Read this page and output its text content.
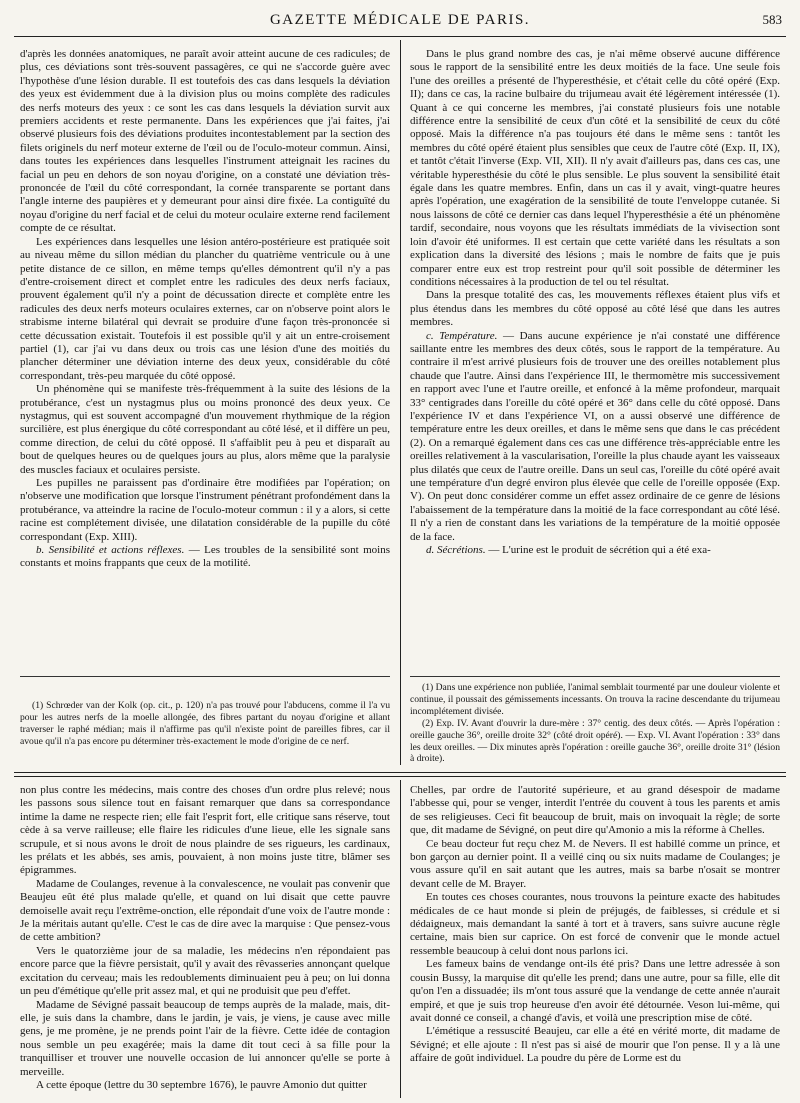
GAZETTE MÉDICALE DE PARIS.	583

d'après les données anatomiques, ne paraît avoir atteint aucune de ces radicules; de plus, ces déviations sont très-souvent passagères, ce qui ne s'accorde guère avec l'hypothèse d'une lésion durable. Il est toutefois des cas dans lesquels la déviation des yeux est évidemment due à la division plus ou moins complète des radicules des nerfs moteurs des yeux : ce sont les cas dans lesquels la déviation survit aux premiers accidents et reste permanente. Dans les expériences que j'ai faites, j'ai observé plusieurs fois des déviations produites incontestablement par la section des filets originels du nerf moteur externe de l'œil ou de l'oculo-moteur commun. Ainsi, dans toutes les expériences dans lesquelles l'instrument atteignait les racines du facial un peu en dehors de son noyau d'origine, on a constaté une déviation très-prononcée de l'œil du côté correspondant, la cornée transparente se portant dans l'angle interne des paupières et y demeurant pour ainsi dire fixée. La contiguïté du noyau d'origine du nerf facial et de celui du moteur oculaire externe rend facilement compte de ce résultat.

Les expériences dans lesquelles une lésion antéro-postérieure est pratiquée soit au niveau même du sillon médian du plancher du quatrième ventricule ou à une petite distance de ce sillon, en même temps qu'elles démontrent qu'il n'y a pas d'entre-croisement direct et complet entre les radicules des deux nerfs faciaux, prouvent également qu'il n'y a point de décussation directe et complète entre les radicules des deux nerfs moteurs oculaires externes, car on n'observe point alors le strabisme interne bilatéral qui devrait se produire d'une façon très-prononcée si cette décussation existait. Toutefois il est possible qu'il y ait un entre-croisement partiel (1), car j'ai vu dans deux ou trois cas une lésion d'une des moitiés du plancher déterminer une déviation interne des deux yeux, considérable du côté correspondant, très-peu marquée du côté opposé.

Un phénomène qui se manifeste très-fréquemment à la suite des lésions de la protubérance, c'est un nystagmus plus ou moins prononcé des deux yeux. Ce nystagmus, qui est souvent accompagné d'un mouvement rhythmique de la région surcilière, est plus énergique du côté correspondant au côté lésé, et il diffère un peu, comme direction, de celui du côté opposé. Il s'affaiblit peu à peu et disparaît au bout de quelques heures ou de quelques jours au plus, alors même que la paralysie des muscles faciaux et oculaires persiste.

Les pupilles ne paraissent pas d'ordinaire être modifiées par l'opération; on n'observe une modification que lorsque l'instrument pénétrant profondément dans la protubérance, va atteindre la racine de l'oculo-moteur commun : il y a alors, si cette racine est complétement divisée, une dilatation considérable de la pupille du côté correspondant (Exp. XIII).

b. Sensibilité et actions réflexes. — Les troubles de la sensibilité sont moins constants et moins frappants que ceux de la motilité.

Dans le plus grand nombre des cas, je n'ai même observé aucune différence sous le rapport de la sensibilité entre les deux moitiés de la face. Une seule fois l'une des oreilles a présenté de l'hyperesthésie, et c'était celle du côté opéré (Exp. II); dans ce cas, la racine bulbaire du trijumeau avait été légèrement intéressée (1). Quant à ce qui concerne les membres, j'ai constaté plusieurs fois une notable différence entre la sensibilité de ceux d'un côté et la sensibilité de ceux du côté opposé. Mais la différence n'a pas toujours été dans le même sens : tantôt les membres du côté opéré étaient plus sensibles que ceux de l'autre côté (Exp. II, IX), et tantôt c'était l'inverse (Exp. VII, XII). Il n'y avait d'ailleurs pas, dans ces cas, une véritable hyperesthésie du côté le plus sensible. Le plus souvent la sensibilité était égale dans les quatre membres. Enfin, dans un cas il y avait, vingt-quatre heures après l'opération, une exagération de la sensibilité de toute l'enveloppe cutanée. Si nous laissons de côté ce dernier cas dans lequel l'hyperesthésie a été un phénomène tardif, secondaire, nous voyons que les résultats immédiats de la vivisection sont loin d'avoir été uniformes. Il est certain que cette variété dans les résultats a son explication dans la diversité des lésions ; mais le nombre de faits que je puis comparer entre eux est trop restreint pour qu'il soit possible de déterminer les conditions nécessaires à la production de tel ou tel résultat.

Dans la presque totalité des cas, les mouvements réflexes étaient plus vifs et plus étendus dans les membres du côté opposé au côté lésé que dans les autres membres.

c. Température. — Dans aucune expérience je n'ai constaté une différence saillante entre les membres des deux côtés, sous le rapport de la température. Au contraire il m'est arrivé plusieurs fois de trouver une des oreilles notablement plus chaude que l'autre. Ainsi dans l'expérience III, le thermomètre mis successivement en rapport avec l'une et l'autre oreille, et enfoncé à la même profondeur, marquait 33° centigrades dans l'oreille du côté opéré et 36° dans celle du côté opposé. Dans l'expérience IV et dans l'expérience VI, on a aussi observé une différence de température entre les deux oreilles, et dans le même sens que dans le cas précédent (2). On a remarqué également dans ces cas une différence très-appréciable entre les oreilles relativement à la vascularisation, l'oreille la plus chaude ayant les vaisseaux plus dilatés que ceux de l'autre oreille. Dans un seul cas, l'oreille du côté opéré avait une température d'un degré environ plus élevée que celle de l'oreille opposée (Exp. V). On peut donc considérer comme un effet assez ordinaire de ce genre de lésions l'abaissement de la température dans la moitié de la face correspondant au côté lésé. Il n'y a rien de constant dans les variations de la température de la moitié opposée de la face.

d. Sécrétions. — L'urine est le produit de sécrétion qui a été exa-

(1) Schrœder van der Kolk (op. cit., p. 120) n'a pas trouvé pour l'abducens, comme il l'a vu pour les autres nerfs de la moelle allongée, des fibres partant du noyau d'origine et allant traverser le raphé médian; mais il n'affirme pas qu'il n'existe point de pareilles fibres, car il avoue qu'il n'a pas encore pu déterminer très-exactement le mode d'origine de ce nerf.

(1) Dans une expérience non publiée, l'animal semblait tourmenté par une douleur violente et continue, il poussait des gémissements incessants. On trouva la racine descendante du trijumeau incomplétement divisée.

(2) Exp. IV. Avant d'ouvrir la dure-mère : 37° centig. des deux côtés. — Après l'opération : oreille gauche 36°, oreille droite 32° (côté droit opéré). — Exp. VI. Avant l'opération : 33° dans les deux oreilles. — Dix minutes après l'opération : oreille gauche 36°, oreille droite 31° (lésion à droite).

non plus contre les médecins, mais contre des choses d'un ordre plus relevé; nous les passons sous silence tout en faisant remarquer que dans sa correspondance intime la dame ne respecte rien; elle fait l'esprit fort, elle critique sans réserve, tout cède à sa verve railleuse; elle flaire les ridicules d'une lieue, elle les signale sans scrupule, et si nous avons le droit de nous plaindre de ses rigueurs, les cardinaux, les prélats et les abbés, ses amis, pouvaient, à non moins juste titre, blâmer ses épigrammes.

Madame de Coulanges, revenue à la convalescence, ne voulait pas convenir que Beaujeu eût été plus malade qu'elle, et quand on lui disait que cette pauvre demoiselle avait reçu l'extrême-onction, elle répondait d'une voix de l'autre monde : Je la méritais autant qu'elle. C'est le cas de dire avec la marquise : Que pensez-vous de cette ambition?

Vers le quatorzième jour de sa maladie, les médecins n'en répondaient pas encore parce que la fièvre persistait, qu'il y avait des rêvasseries annonçant quelque excitation du cerveau; mais les redoublements diminuaient peu à peu; on lui donna un peu d'émétique qu'elle prit assez mal, et qui ne produisit que peu d'effet.

Madame de Sévigné passait beaucoup de temps auprès de la malade, mais, dit-elle, je suis dans la chambre, dans le jardin, je vais, je viens, je cause avec mille gens, je me promène, je ne prends point l'air de la fièvre. Cette idée de contagion nous semble un peu exagérée; mais la dame dit tout ceci à sa fille pour la tranquilliser et trouver une nouvelle occasion de lui annoncer qu'elle se porte à merveille.

A cette époque (lettre du 30 septembre 1676), le pauvre Amonio dut quitter

Chelles, par ordre de l'autorité supérieure, et au grand désespoir de madame l'abbesse qui, pour se venger, interdit l'entrée du couvent à tous les parents et amis de ses religieuses. Ceci fit beaucoup de bruit, mais on invoquait la règle; de sorte que, dit madame de Sévigné, on peut dire qu'Amonio a mis la réforme à Chelles.

Ce beau docteur fut reçu chez M. de Nevers. Il est habillé comme un prince, et bon garçon au dernier point. Il a veillé cinq ou six nuits madame de Coulanges; je vous assure qu'il en sait autant que les autres, mais sa barbe n'osait se montrer devant celle de M. Brayer.

En toutes ces choses courantes, nous trouvons la peinture exacte des habitudes médicales de ce haut monde si plein de préjugés, de faiblesses, si crédule et si dédaigneux, mais demandant la santé à tort et à travers, sans suivre aucune règle certaine, mais bien sur caprice. On est forcé de convenir que le monde actuel ressemble beaucoup à celui dont nous parlons ici.

Les fameux bains de vendange ont-ils été pris? Dans une lettre adressée à son cousin Bussy, la marquise dit qu'elle les prend; dans une autre, pour sa fille, elle dit qu'on l'en a dissuadée; ils m'ont tous assuré que la vendange de cette année n'aurait empiré, et que je suis trop heureuse d'en avoir été détournée. Veson lui-même, qui avait donné ce conseil, a changé d'avis, et voilà une prescription mise de côté.

L'émétique a ressuscité Beaujeu, car elle a été en vérité morte, dit madame de Sévigné; et elle ajoute : Il n'est pas si aisé de mourir que l'on pense. Il y a là une affaire de goût individuel. La poudre du père de Lorme est du
